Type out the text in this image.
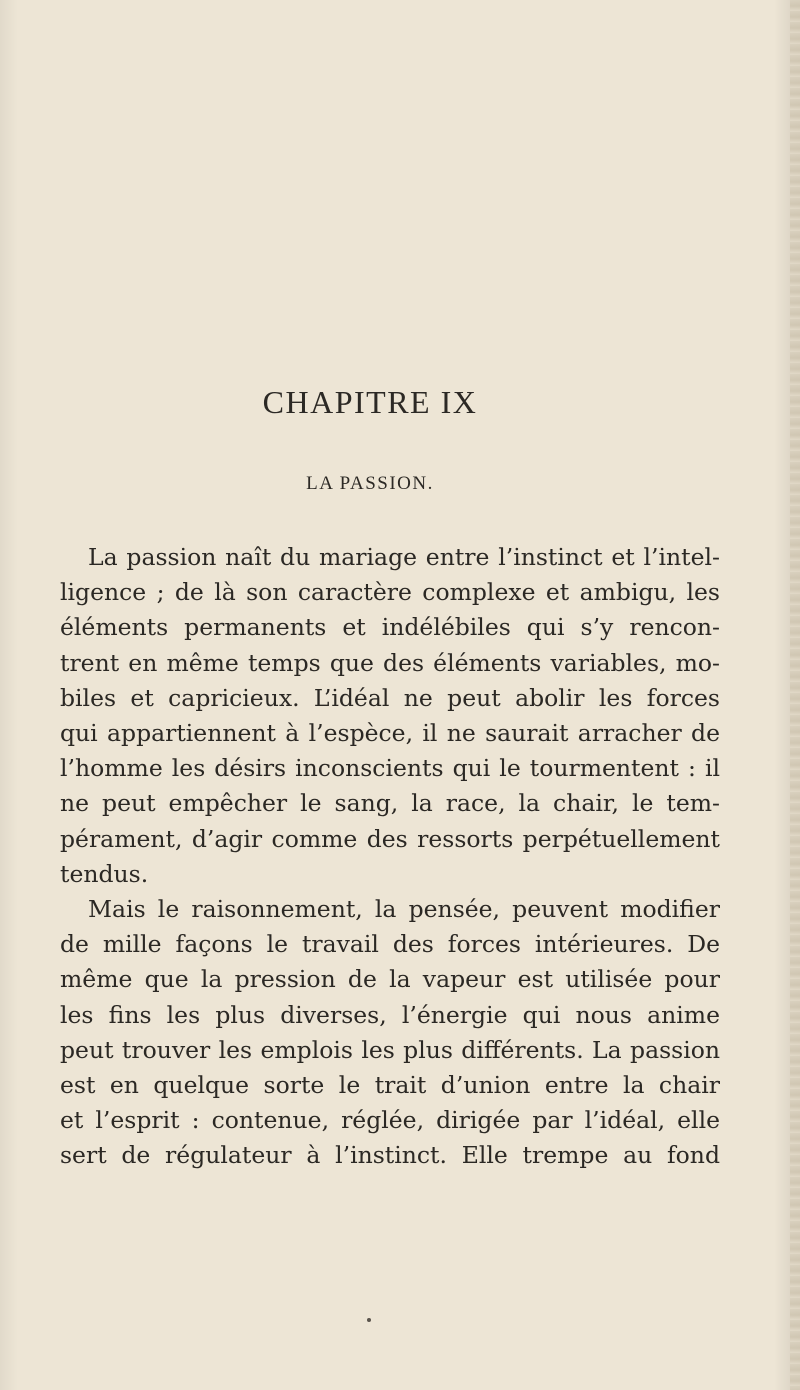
CHAPITRE IX
LA PASSION.
La passion naît du mariage entre l’instinct et l’intel-
ligence ; de là son caractère complexe et ambigu, les
éléments permanents et indélébiles qui s’y rencon-
trent en même temps que des éléments variables, mo-
biles et capricieux. L’idéal ne peut abolir les forces
qui appartiennent à l’espèce, il ne saurait arracher de
l’homme les désirs inconscients qui le tourmentent : il
ne peut empêcher le sang, la race, la chair, le tem-
pérament, d’agir comme des ressorts perpétuellement
tendus.
Mais le raisonnement, la pensée, peuvent modifier
de mille façons le travail des forces intérieures. De
même que la pression de la vapeur est utilisée pour
les fins les plus diverses, l’énergie qui nous anime
peut trouver les emplois les plus différents. La passion
est en quelque sorte le trait d’union entre la chair
et l’esprit : contenue, réglée, dirigée par l’idéal, elle
sert de régulateur à l’instinct. Elle trempe au fond
